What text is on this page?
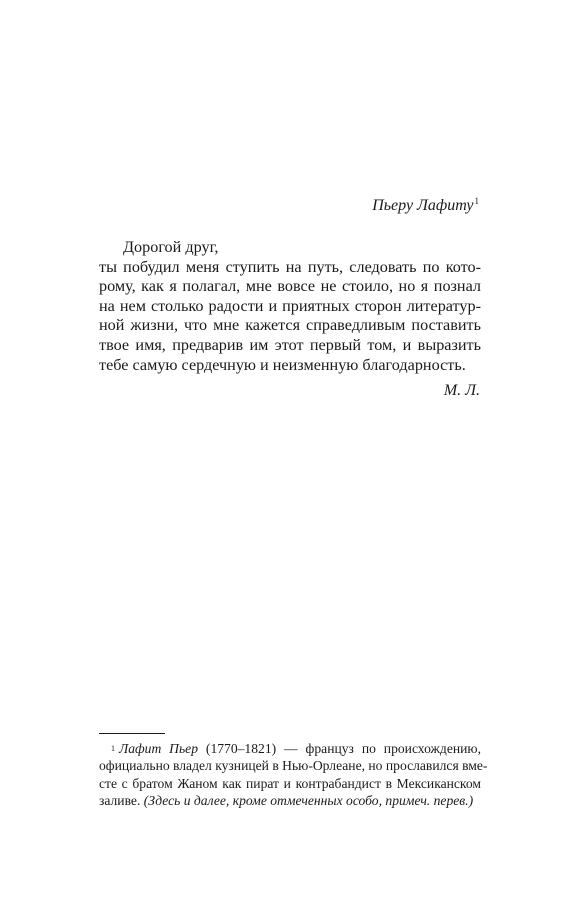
Пьеру Лафиту$^1$
Дорогой друг,
ты побудил меня ступить на путь, следовать по кото-
рому, как я полагал, мне вовсе не стоило, но я познал
на нем столько радости и приятных сторон литератур-
ной жизни, что мне кажется справедливым поставить
твое имя, предварив им этот первый том, и выразить
тебе самую сердечную и неизменную благодарность.
М. Л.
$^1$ Лафит Пьер (1770–1821) — француз по происхождению,
официально владел кузницей в Нью-Орлеане, но прославился вме-
сте с братом Жаном как пират и контрабандист в Мексиканском
заливе. (Здесь и далее, кроме отмеченных особо, примеч. перев.)
